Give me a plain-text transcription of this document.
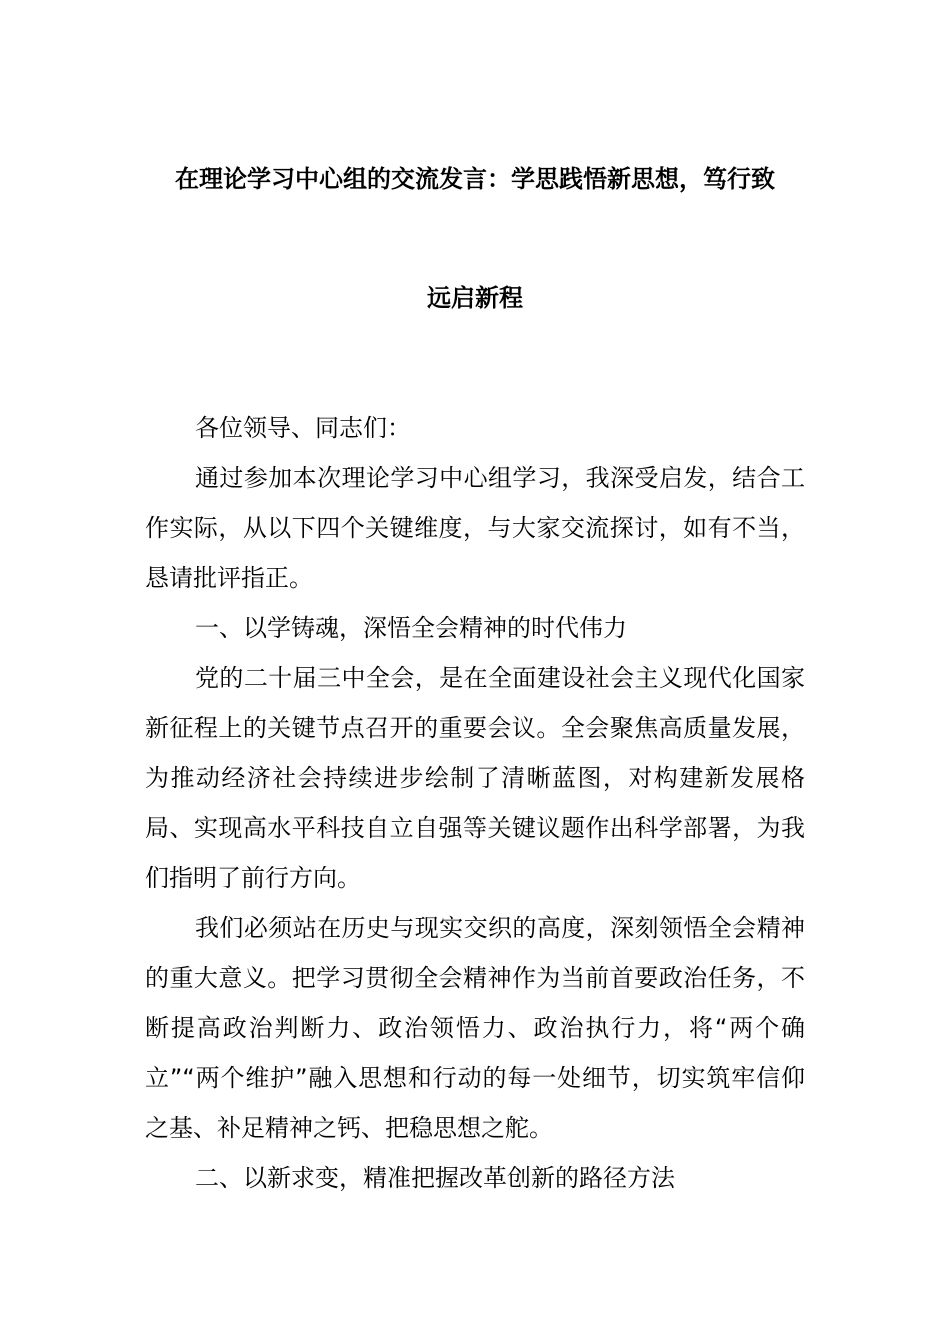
在理论学习中心组的交流发言：学思践悟新思想，笃行致
远启新程

各位领导、同志们：

通过参加本次理论学习中心组学习，我深受启发，结合工作实际，从以下四个关键维度，与大家交流探讨，如有不当，恳请批评指正。

一、以学铸魂，深悟全会精神的时代伟力

党的二十届三中全会，是在全面建设社会主义现代化国家新征程上的关键节点召开的重要会议。全会聚焦高质量发展，为推动经济社会持续进步绘制了清晰蓝图，对构建新发展格局、实现高水平科技自立自强等关键议题作出科学部署，为我们指明了前行方向。

我们必须站在历史与现实交织的高度，深刻领悟全会精神的重大意义。把学习贯彻全会精神作为当前首要政治任务，不断提高政治判断力、政治领悟力、政治执行力，将“两个确立”“两个维护”融入思想和行动的每一处细节，切实筑牢信仰之基、补足精神之钙、把稳思想之舵。

二、以新求变，精准把握改革创新的路径方法
